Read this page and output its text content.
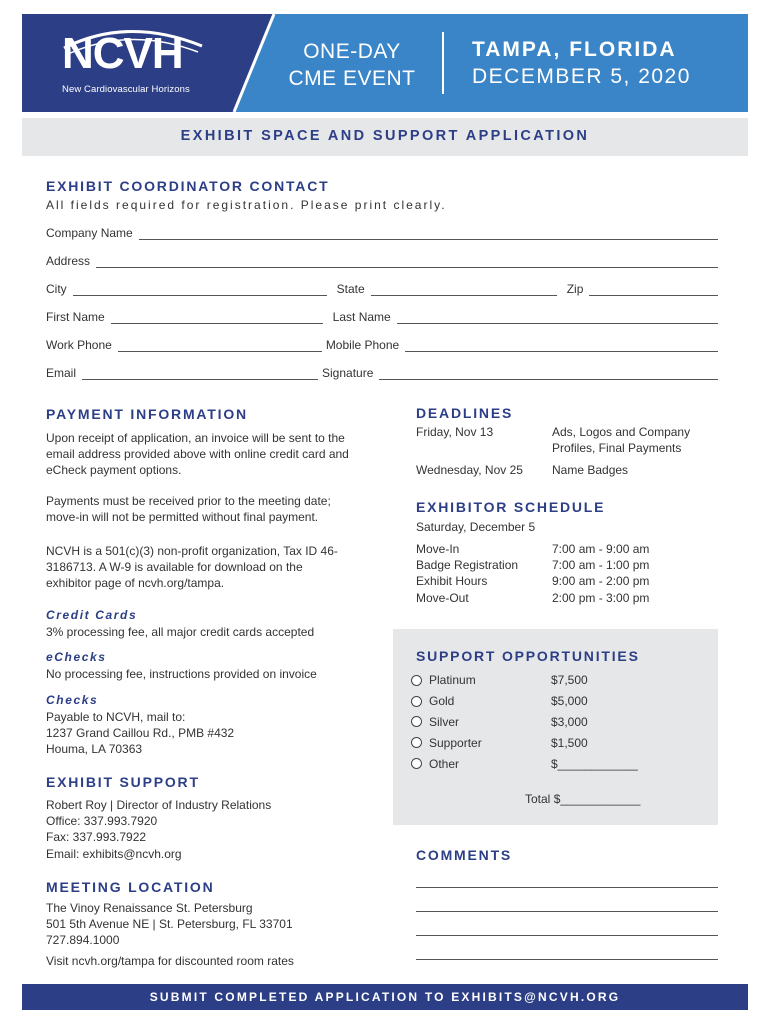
NCVH
New Cardiovascular Horizons
ONE-DAY
CME EVENT
TAMPA, FLORIDA
DECEMBER 5, 2020
EXHIBIT SPACE AND SUPPORT APPLICATION
EXHIBIT COORDINATOR CONTACT
All fields required for registration. Please print clearly.
Company Name
Address
City	State	Zip
First Name	Last Name
Work Phone	Mobile Phone
Email	Signature
PAYMENT INFORMATION
Upon receipt of application, an invoice will be sent to the email address provided above with online credit card and eCheck payment options.
Payments must be received prior to the meeting date; move-in will not be permitted without final payment.
NCVH is a 501(c)(3) non-profit organization, Tax ID 46-3186713. A W-9 is available for download on the exhibitor page of ncvh.org/tampa.
Credit Cards
3% processing fee, all major credit cards accepted
eChecks
No processing fee, instructions provided on invoice
Checks
Payable to NCVH, mail to:
1237 Grand Caillou Rd., PMB #432
Houma, LA 70363
EXHIBIT SUPPORT
Robert Roy | Director of Industry Relations
Office: 337.993.7920
Fax: 337.993.7922
Email: exhibits@ncvh.org
MEETING LOCATION
The Vinoy Renaissance St. Petersburg
501 5th Avenue NE | St. Petersburg, FL 33701
727.894.1000
Visit ncvh.org/tampa for discounted room rates
DEADLINES
Friday, Nov 13	Ads, Logos and Company Profiles, Final Payments
Wednesday, Nov 25	Name Badges
EXHIBITOR SCHEDULE
Saturday, December 5
Move-In	7:00 am - 9:00 am
Badge Registration	7:00 am - 1:00 pm
Exhibit Hours	9:00 am - 2:00 pm
Move-Out	2:00 pm - 3:00 pm
SUPPORT OPPORTUNITIES
Platinum	$7,500
Gold	$5,000
Silver	$3,000
Supporter	$1,500
Other	$____________
Total $____________
COMMENTS
SUBMIT COMPLETED APPLICATION TO EXHIBITS@NCVH.ORG
